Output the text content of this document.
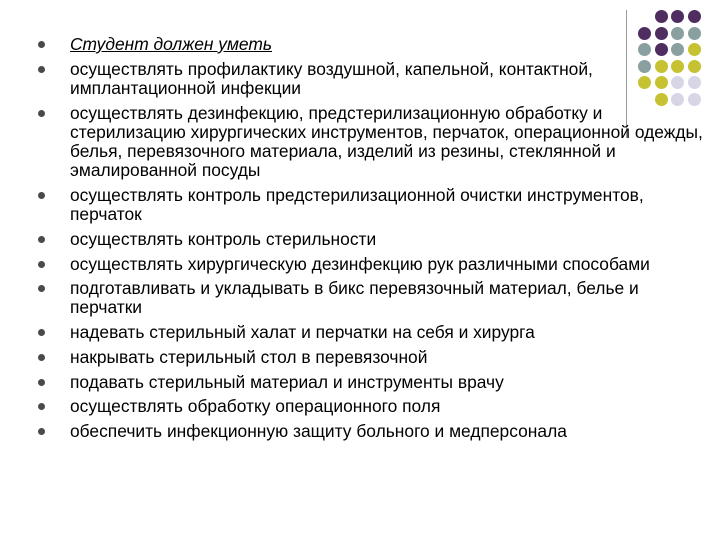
Студент должен уметь
осуществлять профилактику воздушной, капельной, контактной, имплантационной инфекции
осуществлять дезинфекцию, предстерилизационную обработку и стерилизацию хирургических инструментов, перчаток, операционной одежды, белья, перевязочного материала, изделий из резины, стеклянной и эмалированной посуды
осуществлять контроль предстерилизационной очистки инструментов, перчаток
осуществлять контроль стерильности
осуществлять хирургическую дезинфекцию рук различными способами
подготавливать и укладывать в бикс перевязочный материал, белье и перчатки
надевать стерильный халат и перчатки на себя и хирурга
накрывать стерильный стол в перевязочной
подавать стерильный материал и инструменты врачу
осуществлять обработку операционного поля
обеспечить инфекционную защиту больного и медперсонала
